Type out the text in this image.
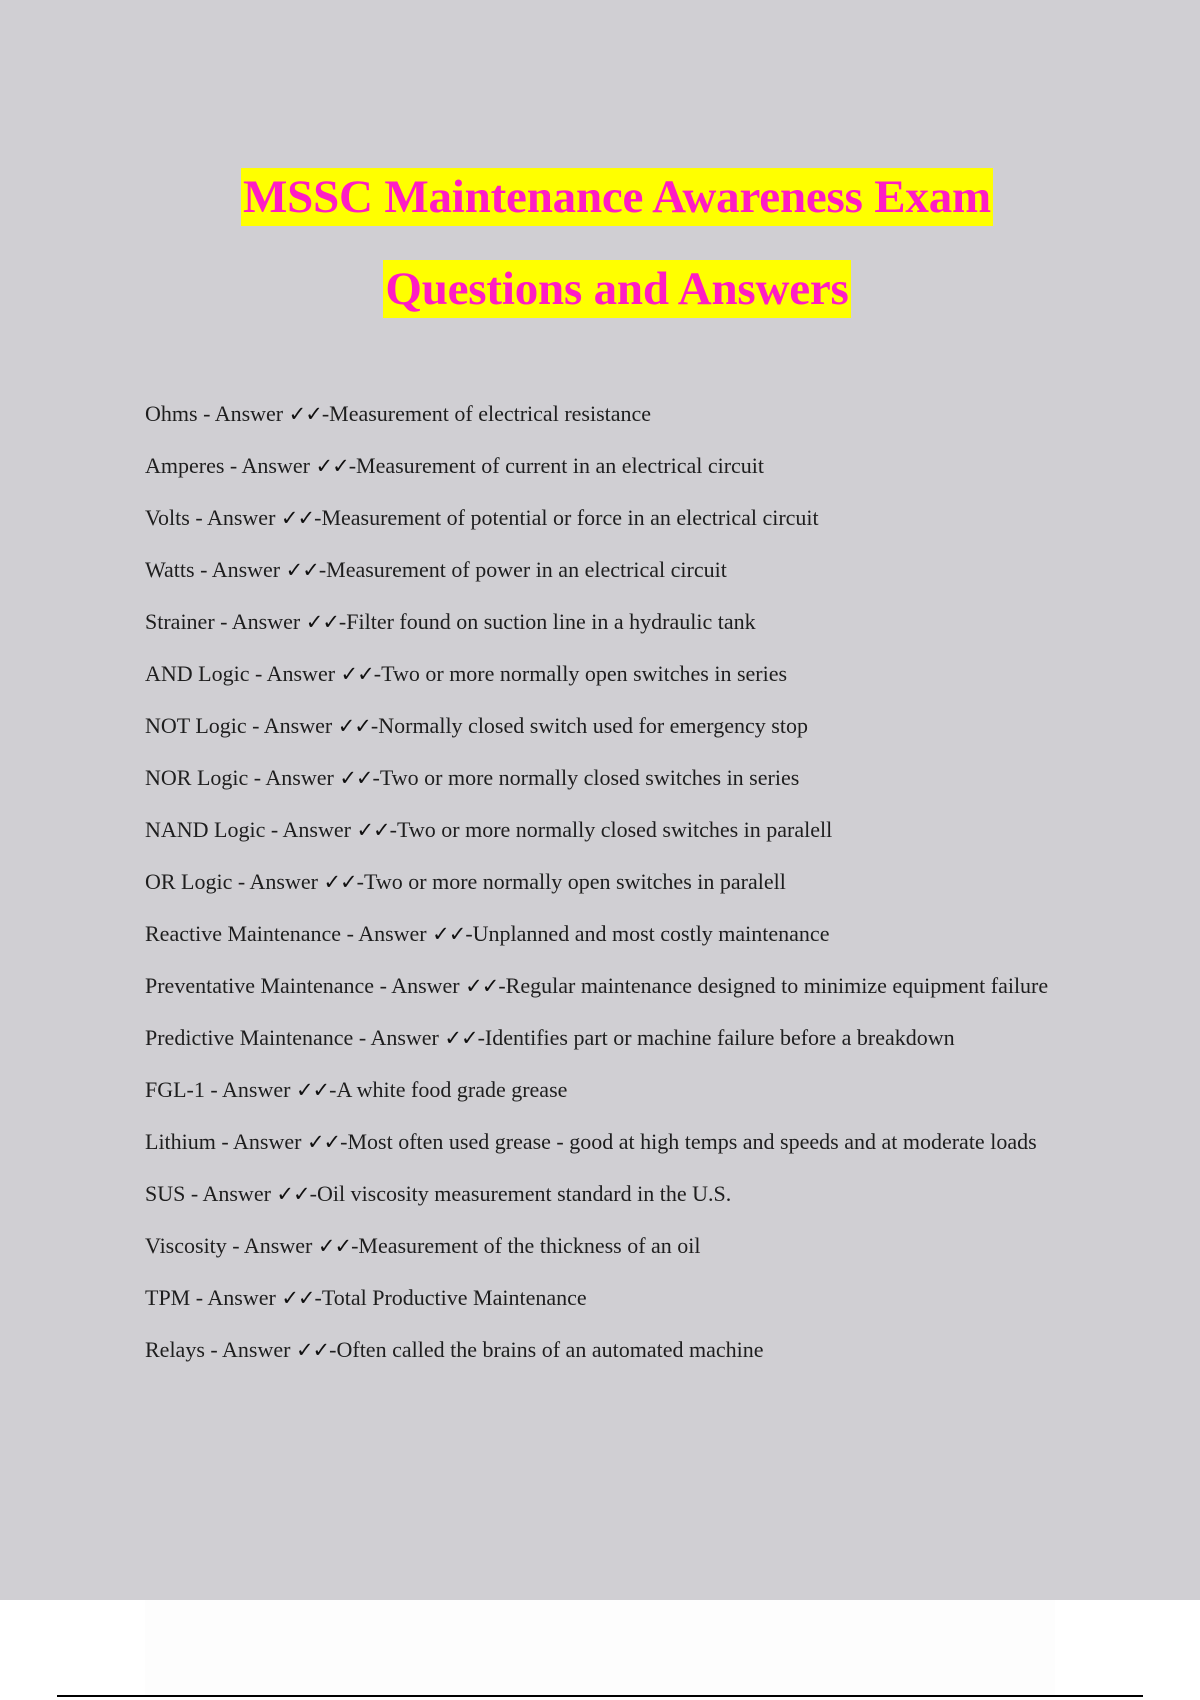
MSSC Maintenance Awareness Exam
Questions and Answers
Ohms - Answer ✓✓-Measurement of electrical resistance
Amperes - Answer ✓✓-Measurement of current in an electrical circuit
Volts - Answer ✓✓-Measurement of potential or force in an electrical circuit
Watts - Answer ✓✓-Measurement of power in an electrical circuit
Strainer - Answer ✓✓-Filter found on suction line in a hydraulic tank
AND Logic - Answer ✓✓-Two or more normally open switches in series
NOT Logic - Answer ✓✓-Normally closed switch used for emergency stop
NOR Logic - Answer ✓✓-Two or more normally closed switches in series
NAND Logic - Answer ✓✓-Two or more normally closed switches in paralell
OR Logic - Answer ✓✓-Two or more normally open switches in paralell
Reactive Maintenance - Answer ✓✓-Unplanned and most costly maintenance
Preventative Maintenance - Answer ✓✓-Regular maintenance designed to minimize equipment failure
Predictive Maintenance - Answer ✓✓-Identifies part or machine failure before a breakdown
FGL-1 - Answer ✓✓-A white food grade grease
Lithium - Answer ✓✓-Most often used grease - good at high temps and speeds and at moderate loads
SUS - Answer ✓✓-Oil viscosity measurement standard in the U.S.
Viscosity - Answer ✓✓-Measurement of the thickness of an oil
TPM - Answer ✓✓-Total Productive Maintenance
Relays - Answer ✓✓-Often called the brains of an automated machine
